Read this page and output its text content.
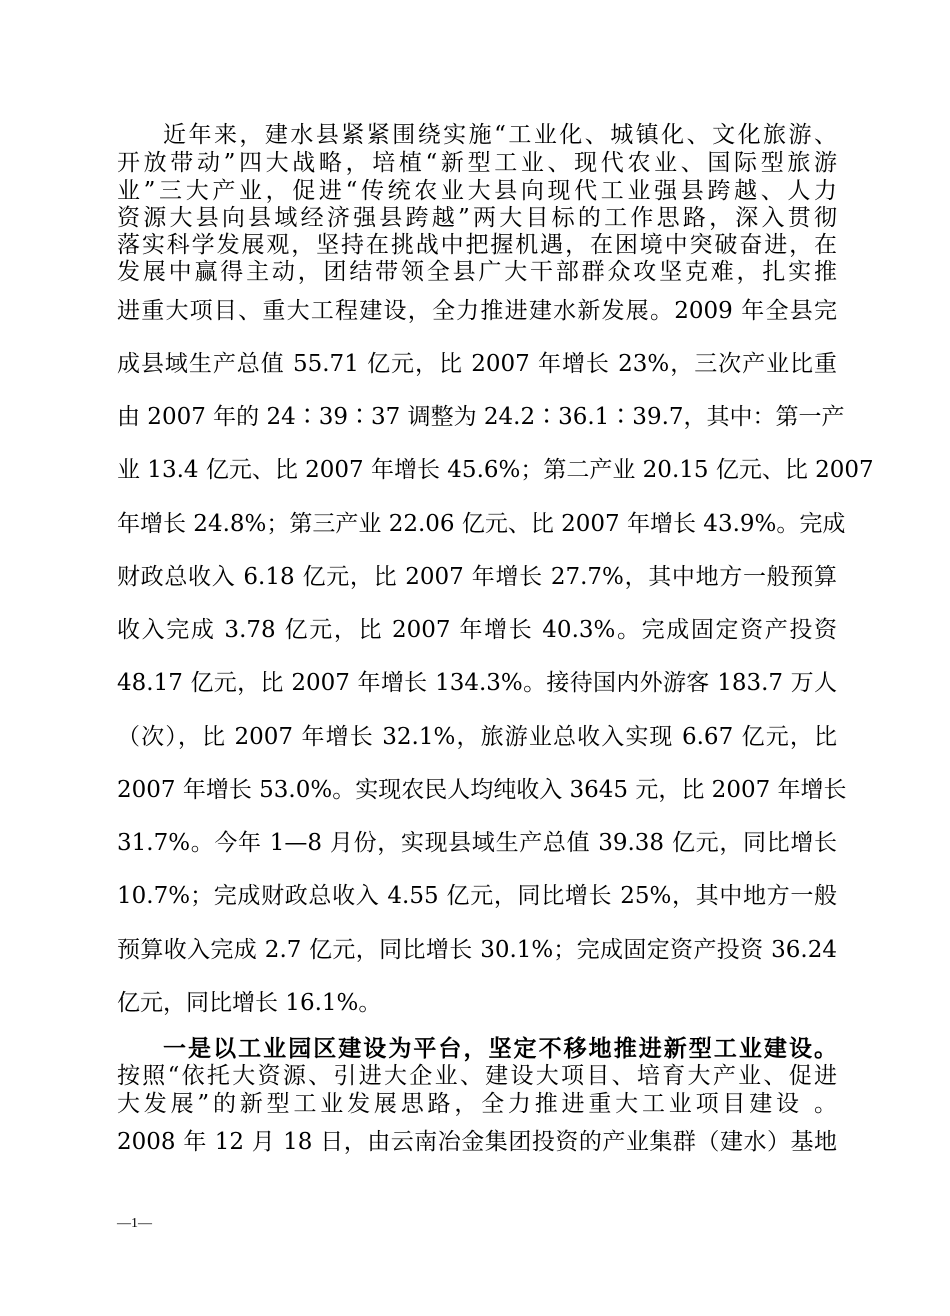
近年来，建水县紧紧围绕实施“工业化、城镇化、文化旅游、
开放带动”四大战略，培植“新型工业、现代农业、国际型旅游
业”三大产业，促进“传统农业大县向现代工业强县跨越、人力
资源大县向县域经济强县跨越”两大目标的工作思路，深入贯彻
落实科学发展观，坚持在挑战中把握机遇，在困境中突破奋进，在
发展中赢得主动，团结带领全县广大干部群众攻坚克难，扎实推
进重大项目、重大工程建设，全力推进建水新发展。2009 年全县完
成县域生产总值 55.71 亿元，比 2007 年增长 23%，三次产业比重
由 2007 年的 24∶39∶37 调整为 24.2∶36.1∶39.7，其中：第一产
业 13.4 亿元、比 2007 年增长 45.6%；第二产业 20.15 亿元、比 2007
年增长 24.8%；第三产业 22.06 亿元、比 2007 年增长 43.9%。完成
财政总收入 6.18 亿元，比 2007 年增长 27.7%，其中地方一般预算
收入完成 3.78 亿元，比 2007 年增长 40.3%。完成固定资产投资
48.17 亿元，比 2007 年增长 134.3%。接待国内外游客 183.7 万人
（次），比 2007 年增长 32.1%，旅游业总收入实现 6.67 亿元，比
2007 年增长 53.0%。实现农民人均纯收入 3645 元，比 2007 年增长
31.7%。今年 1—8 月份，实现县域生产总值 39.38 亿元，同比增长
10.7%；完成财政总收入 4.55 亿元，同比增长 25%，其中地方一般
预算收入完成 2.7 亿元，同比增长 30.1%；完成固定资产投资 36.24
亿元，同比增长 16.1%。
一是以工业园区建设为平台，坚定不移地推进新型工业建设。
按照“依托大资源、引进大企业、建设大项目、培育大产业、促进
大发展”的新型工业发展思路，全力推进重大工业项目建设 。
2008 年 12 月 18 日，由云南冶金集团投资的产业集群（建水）基地
—1—
